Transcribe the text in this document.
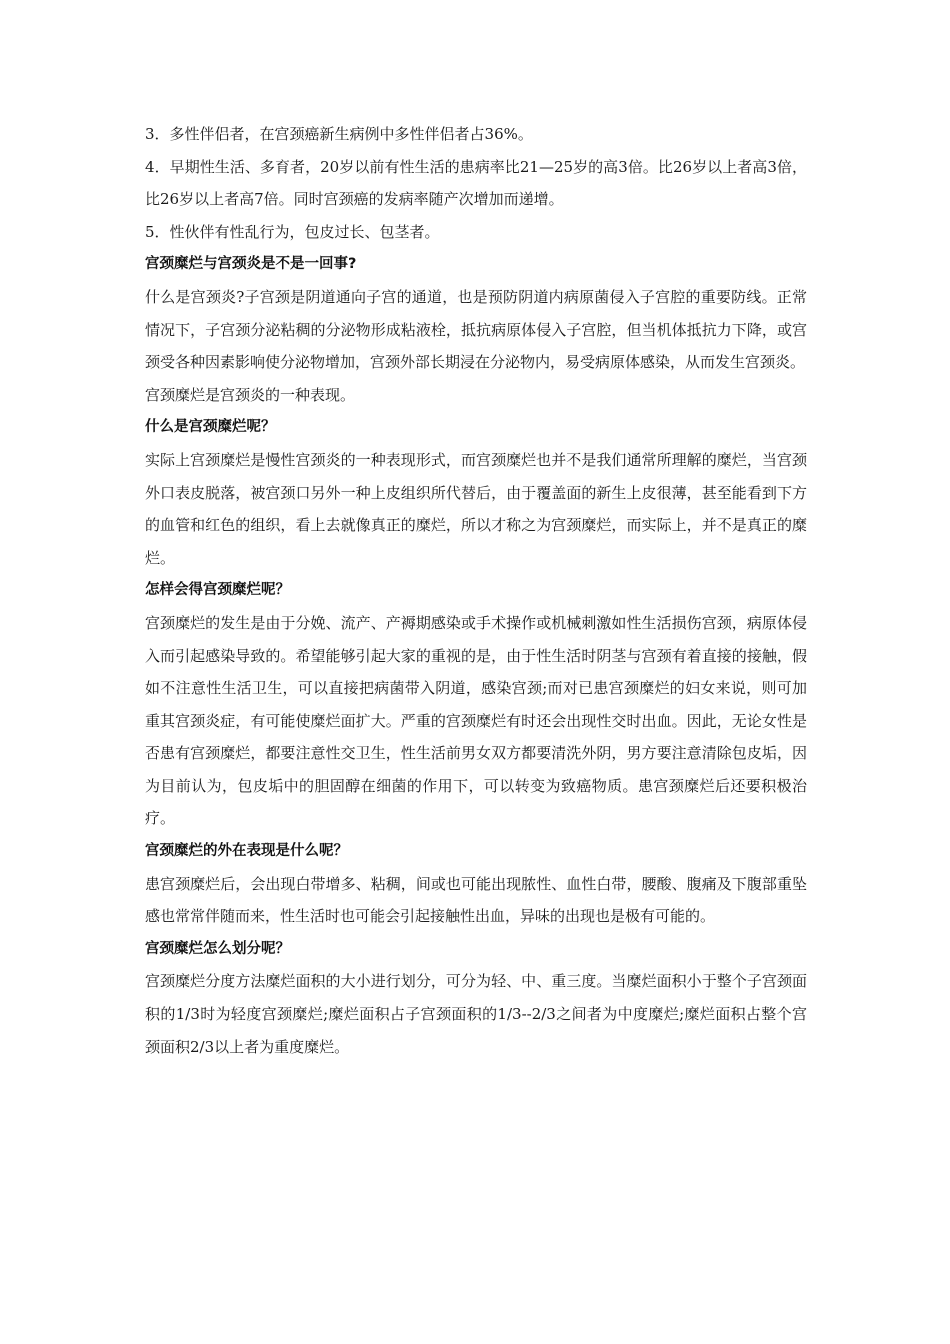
3．多性伴侣者，在宫颈癌新生病例中多性伴侣者占36%。

4．早期性生活、多育者，20岁以前有性生活的患病率比21—25岁的高3倍。比26岁以上者高3倍，比26岁以上者高7倍。同时宫颈癌的发病率随产次增加而递增。

5．性伙伴有性乱行为，包皮过长、包茎者。

宫颈糜烂与宫颈炎是不是一回事?

什么是宫颈炎?子宫颈是阴道通向子宫的通道，也是预防阴道内病原菌侵入子宫腔的重要防线。正常情况下，子宫颈分泌粘稠的分泌物形成粘液栓，抵抗病原体侵入子宫腔，但当机体抵抗力下降，或宫颈受各种因素影响使分泌物增加，宫颈外部长期浸在分泌物内，易受病原体感染，从而发生宫颈炎。

宫颈糜烂是宫颈炎的一种表现。

什么是宫颈糜烂呢？

实际上宫颈糜烂是慢性宫颈炎的一种表现形式，而宫颈糜烂也并不是我们通常所理解的糜烂，当宫颈外口表皮脱落，被宫颈口另外一种上皮组织所代替后，由于覆盖面的新生上皮很薄，甚至能看到下方的血管和红色的组织，看上去就像真正的糜烂，所以才称之为宫颈糜烂，而实际上，并不是真正的糜烂。

怎样会得宫颈糜烂呢？

宫颈糜烂的发生是由于分娩、流产、产褥期感染或手术操作或机械刺激如性生活损伤宫颈，病原体侵入而引起感染导致的。希望能够引起大家的重视的是，由于性生活时阴茎与宫颈有着直接的接触，假如不注意性生活卫生，可以直接把病菌带入阴道，感染宫颈;而对已患宫颈糜烂的妇女来说，则可加重其宫颈炎症，有可能使糜烂面扩大。严重的宫颈糜烂有时还会出现性交时出血。因此，无论女性是否患有宫颈糜烂，都要注意性交卫生，性生活前男女双方都要清洗外阴，男方要注意清除包皮垢，因为目前认为，包皮垢中的胆固醇在细菌的作用下，可以转变为致癌物质。患宫颈糜烂后还要积极治疗。

宫颈糜烂的外在表现是什么呢？

患宫颈糜烂后，会出现白带增多、粘稠，间或也可能出现脓性、血性白带，腰酸、腹痛及下腹部重坠感也常常伴随而来，性生活时也可能会引起接触性出血，异味的出现也是极有可能的。

宫颈糜烂怎么划分呢？

宫颈糜烂分度方法糜烂面积的大小进行划分，可分为轻、中、重三度。当糜烂面积小于整个子宫颈面积的1/3时为轻度宫颈糜烂;糜烂面积占子宫颈面积的1/3--2/3之间者为中度糜烂;糜烂面积占整个宫颈面积2/3以上者为重度糜烂。
